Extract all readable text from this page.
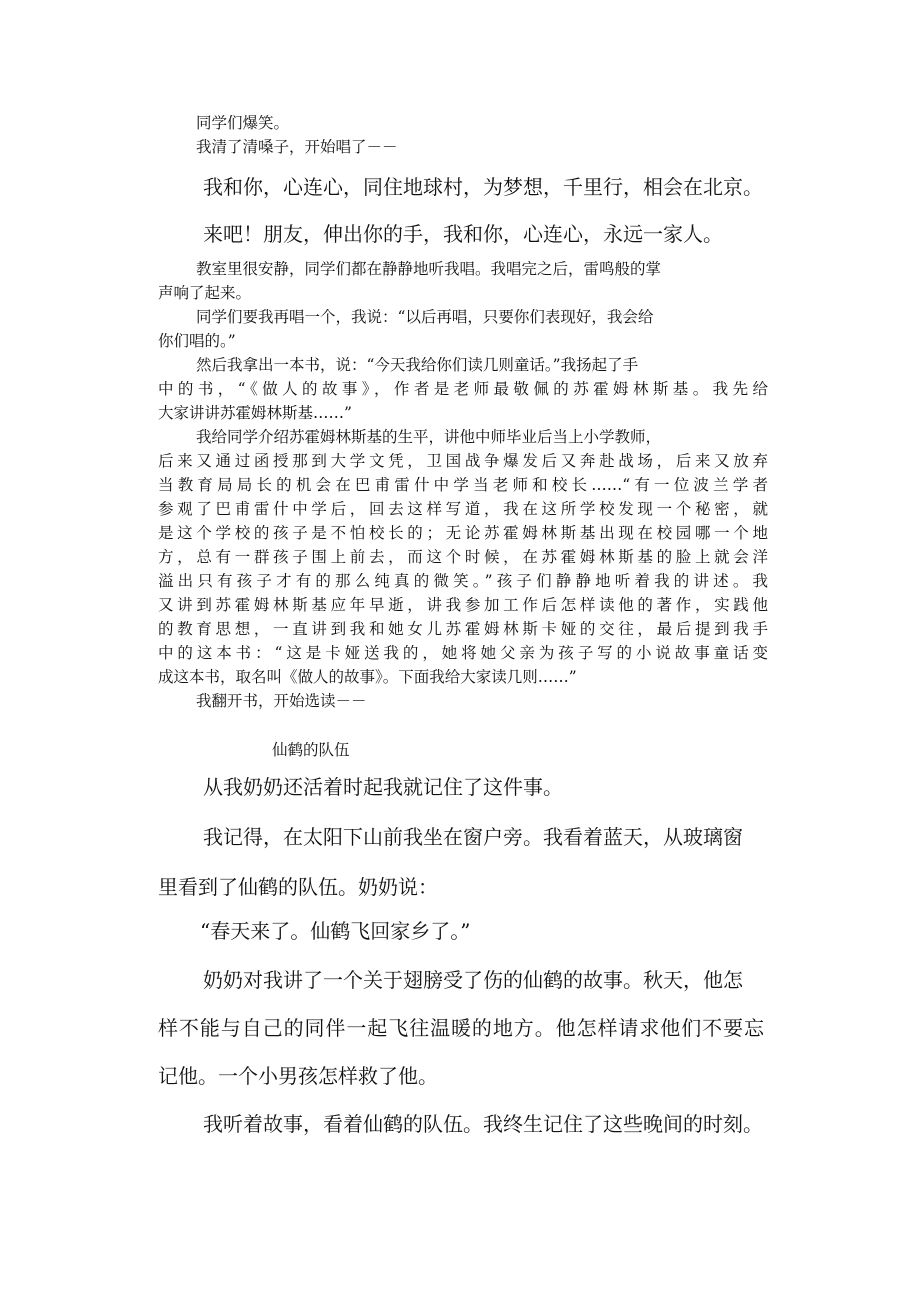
同学们爆笑。

我清了清嗓子，开始唱了－－

我和你，心连心，同住地球村，为梦想，千里行，相会在北京。

来吧！朋友，伸出你的手，我和你，心连心，永远一家人。

教室里很安静，同学们都在静静地听我唱。我唱完之后，雷鸣般的掌

声响了起来。

同学们要我再唱一个，我说：“以后再唱，只要你们表现好，我会给

你们唱的。”

然后我拿出一本书，说：“今天我给你们读几则童话。”我扬起了手

中的书，“《做人的故事》，作者是老师最敬佩的苏霍姆林斯基。我先给

大家讲讲苏霍姆林斯基……”

我给同学介绍苏霍姆林斯基的生平，讲他中师毕业后当上小学教师，

后来又通过函授那到大学文凭，卫国战争爆发后又奔赴战场，后来又放弃

当教育局局长的机会在巴甫雷什中学当老师和校长……“有一位波兰学者

参观了巴甫雷什中学后，回去这样写道，我在这所学校发现一个秘密，就

是这个学校的孩子是不怕校长的；无论苏霍姆林斯基出现在校园哪一个地

方，总有一群孩子围上前去，而这个时候，在苏霍姆林斯基的脸上就会洋

溢出只有孩子才有的那么纯真的微笑。”孩子们静静地听着我的讲述。我

又讲到苏霍姆林斯基应年早逝，讲我参加工作后怎样读他的著作，实践他

的教育思想，一直讲到我和她女儿苏霍姆林斯卡娅的交往，最后提到我手

中的这本书：“这是卡娅送我的，她将她父亲为孩子写的小说故事童话变

成这本书，取名叫《做人的故事》。下面我给大家读几则……”

我翻开书，开始选读－－

仙鹤的队伍

从我奶奶还活着时起我就记住了这件事。

我记得，在太阳下山前我坐在窗户旁。我看着蓝天，从玻璃窗

里看到了仙鹤的队伍。奶奶说：

“春天来了。仙鹤飞回家乡了。”

奶奶对我讲了一个关于翅膀受了伤的仙鹤的故事。秋天，他怎

样不能与自己的同伴一起飞往温暖的地方。他怎样请求他们不要忘

记他。一个小男孩怎样救了他。

我听着故事，看着仙鹤的队伍。我终生记住了这些晚间的时刻。
